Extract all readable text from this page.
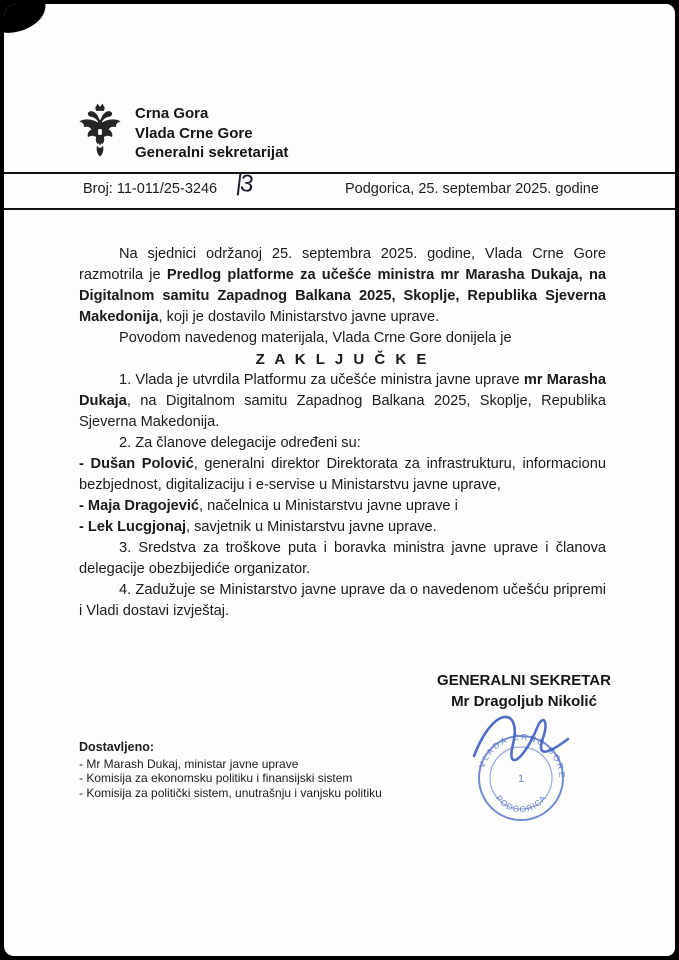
Crna Gora
Vlada Crne Gore
Generalni sekretarijat
Broj: 11-011/25-3246 |3	Podgorica, 25. septembar 2025. godine

Na sjednici održanoj 25. septembra 2025. godine, Vlada Crne Gore razmotrila je Predlog platforme za učešće ministra mr Marasha Dukaja, na Digitalnom samitu Zapadnog Balkana 2025, Skoplje, Republika Sjeverna Makedonija, koji je dostavilo Ministarstvo javne uprave.

Povodom navedenog materijala, Vlada Crne Gore donijela je

Z A K L J U Č K E

1. Vlada je utvrdila Platformu za učešće ministra javne uprave mr Marasha Dukaja, na Digitalnom samitu Zapadnog Balkana 2025, Skoplje, Republika Sjeverna Makedonija.

2. Za članove delegacije određeni su:

- Dušan Polović, generalni direktor Direktorata za infrastrukturu, informacionu bezbjednost, digitalizaciju i e-servise u Ministarstvu javne uprave,

- Maja Dragojević, načelnica u Ministarstvu javne uprave i

- Lek Lucgjonaj, savjetnik u Ministarstvu javne uprave.

3. Sredstva za troškove puta i boravka ministra javne uprave i članova delegacije obezbijediće organizator.

4. Zadužuje se Ministarstvo javne uprave da o navedenom učešću pripremi i Vladi dostavi izvještaj.

GENERALNI SEKRETAR
Mr Dragoljub Nikolić
VLADA CRNE GORE
PODGORICA
1
Dostavljeno:
- Mr Marash Dukaj, ministar javne uprave
- Komisija za ekonomsku politiku i finansijski sistem
- Komisija za politički sistem, unutrašnju i vanjsku politiku
